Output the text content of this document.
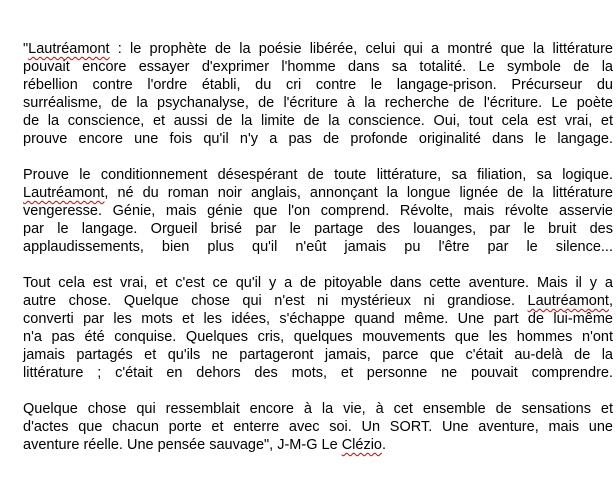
"Lautréamont : le prophète de la poésie libérée, celui qui a montré que la littérature
pouvait encore essayer d'exprimer l'homme dans sa totalité. Le symbole de la
rébellion contre l'ordre établi, du cri contre le langage-prison. Précurseur du
surréalisme, de la psychanalyse, de l'écriture à la recherche de l'écriture. Le poète
de la conscience, et aussi de la limite de la conscience. Oui, tout cela est vrai, et
prouve encore une fois qu'il n'y a pas de profonde originalité dans le langage.
Prouve le conditionnement désespérant de toute littérature, sa filiation, sa logique.
Lautréamont, né du roman noir anglais, annonçant la longue lignée de la littérature
vengeresse. Génie, mais génie que l'on comprend. Révolte, mais révolte asservie
par le langage. Orgueil brisé par le partage des louanges, par le bruit des
applaudissements, bien plus qu'il n'eût jamais pu l'être par le silence...
Tout cela est vrai, et c'est ce qu'il y a de pitoyable dans cette aventure. Mais il y a
autre chose. Quelque chose qui n'est ni mystérieux ni grandiose. Lautréamont,
converti par les mots et les idées, s'échappe quand même. Une part de lui-même
n'a pas été conquise. Quelques cris, quelques mouvements que les hommes n'ont
jamais partagés et qu'ils ne partageront jamais, parce que c'était au-delà de la
littérature ; c'était en dehors des mots, et personne ne pouvait comprendre.
Quelque chose qui ressemblait encore à la vie, à cet ensemble de sensations et
d'actes que chacun porte et enterre avec soi. Un SORT. Une aventure, mais une
aventure réelle. Une pensée sauvage", J-M-G Le Clézio.
